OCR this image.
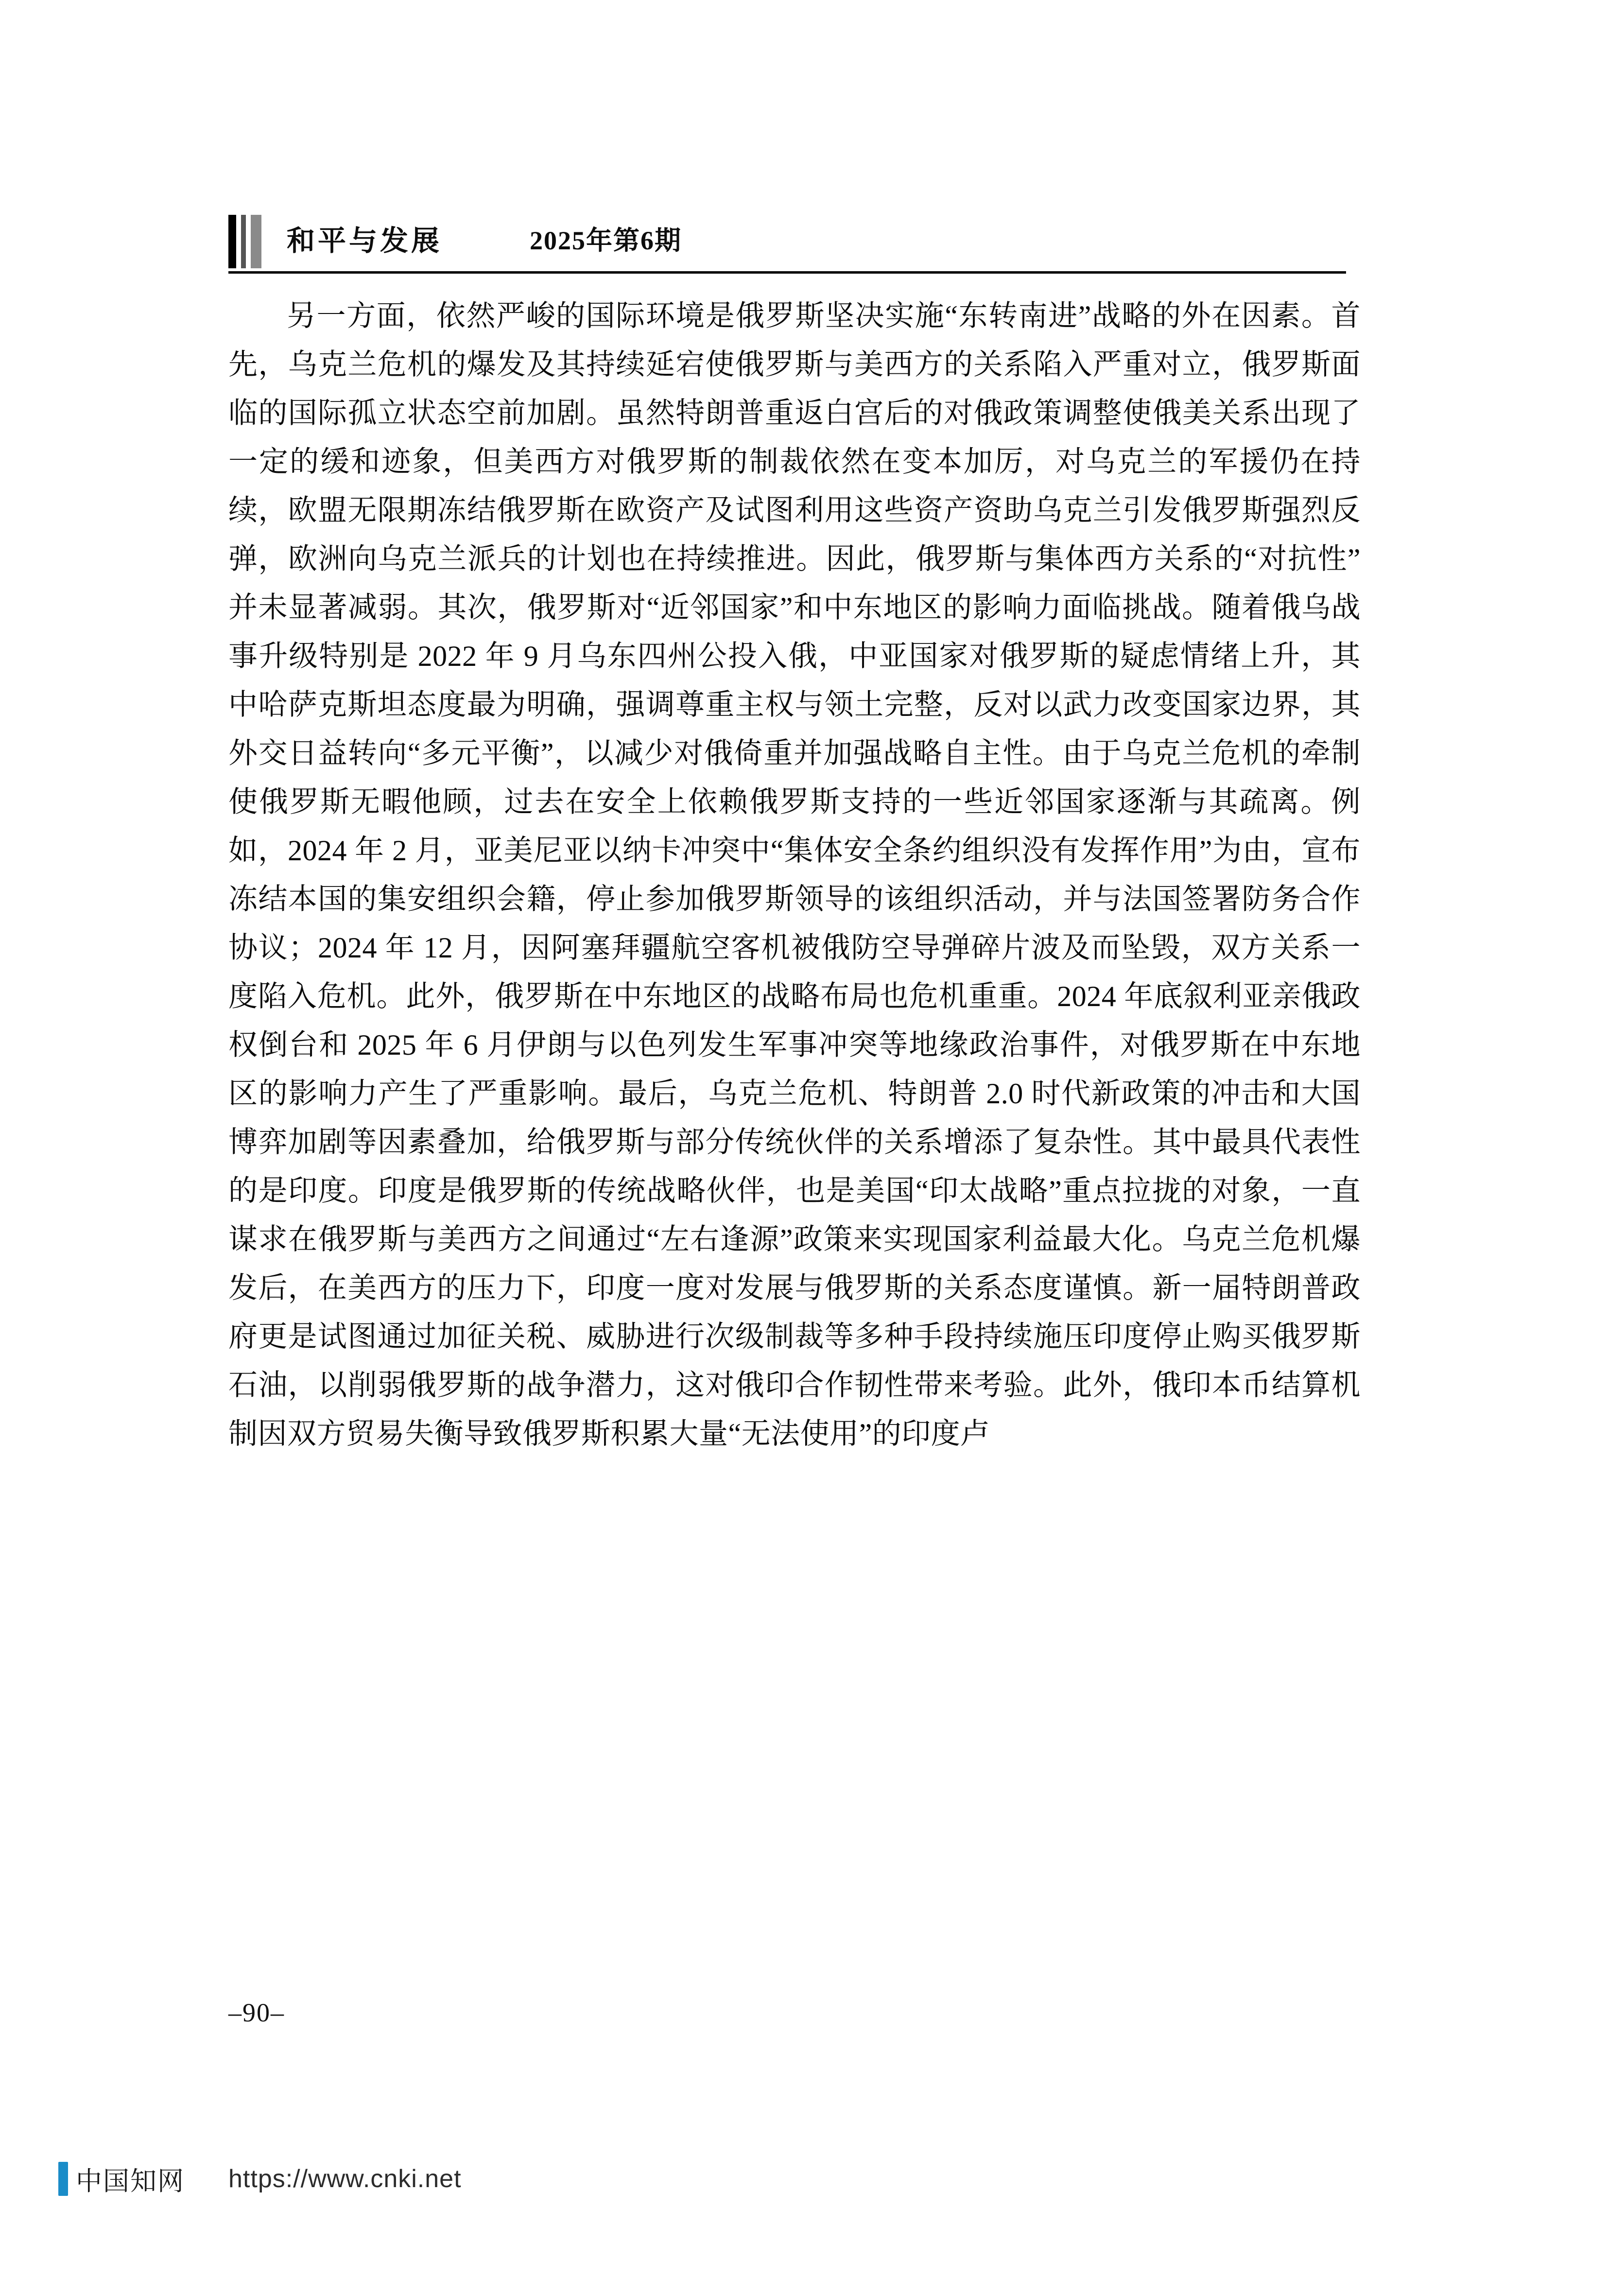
和平与发展	2025年第6期

另一方面，依然严峻的国际环境是俄罗斯坚决实施“东转南进”战略的外在因素。首先，乌克兰危机的爆发及其持续延宕使俄罗斯与美西方的关系陷入严重对立，俄罗斯面临的国际孤立状态空前加剧。虽然特朗普重返白宫后的对俄政策调整使俄美关系出现了一定的缓和迹象，但美西方对俄罗斯的制裁依然在变本加厉，对乌克兰的军援仍在持续，欧盟无限期冻结俄罗斯在欧资产及试图利用这些资产资助乌克兰引发俄罗斯强烈反弹，欧洲向乌克兰派兵的计划也在持续推进。因此，俄罗斯与集体西方关系的“对抗性”并未显著减弱。其次，俄罗斯对“近邻国家”和中东地区的影响力面临挑战。随着俄乌战事升级特别是 2022 年 9 月乌东四州公投入俄，中亚国家对俄罗斯的疑虑情绪上升，其中哈萨克斯坦态度最为明确，强调尊重主权与领土完整，反对以武力改变国家边界，其外交日益转向“多元平衡”，以减少对俄倚重并加强战略自主性。由于乌克兰危机的牵制使俄罗斯无暇他顾，过去在安全上依赖俄罗斯支持的一些近邻国家逐渐与其疏离。例如，2024 年 2 月，亚美尼亚以纳卡冲突中“集体安全条约组织没有发挥作用”为由，宣布冻结本国的集安组织会籍，停止参加俄罗斯领导的该组织活动，并与法国签署防务合作协议；2024 年 12 月，因阿塞拜疆航空客机被俄防空导弹碎片波及而坠毁，双方关系一度陷入危机。此外，俄罗斯在中东地区的战略布局也危机重重。2024 年底叙利亚亲俄政权倒台和 2025 年 6 月伊朗与以色列发生军事冲突等地缘政治事件，对俄罗斯在中东地区的影响力产生了严重影响。最后，乌克兰危机、特朗普 2.0 时代新政策的冲击和大国博弈加剧等因素叠加，给俄罗斯与部分传统伙伴的关系增添了复杂性。其中最具代表性的是印度。印度是俄罗斯的传统战略伙伴，也是美国“印太战略”重点拉拢的对象，一直谋求在俄罗斯与美西方之间通过“左右逢源”政策来实现国家利益最大化。乌克兰危机爆发后，在美西方的压力下，印度一度对发展与俄罗斯的关系态度谨慎。新一届特朗普政府更是试图通过加征关税、威胁进行次级制裁等多种手段持续施压印度停止购买俄罗斯石油，以削弱俄罗斯的战争潜力，这对俄印合作韧性带来考验。此外，俄印本币结算机制因双方贸易失衡导致俄罗斯积累大量“无法使用”的印度卢

–90–
中国知网 https://www.cnki.net
